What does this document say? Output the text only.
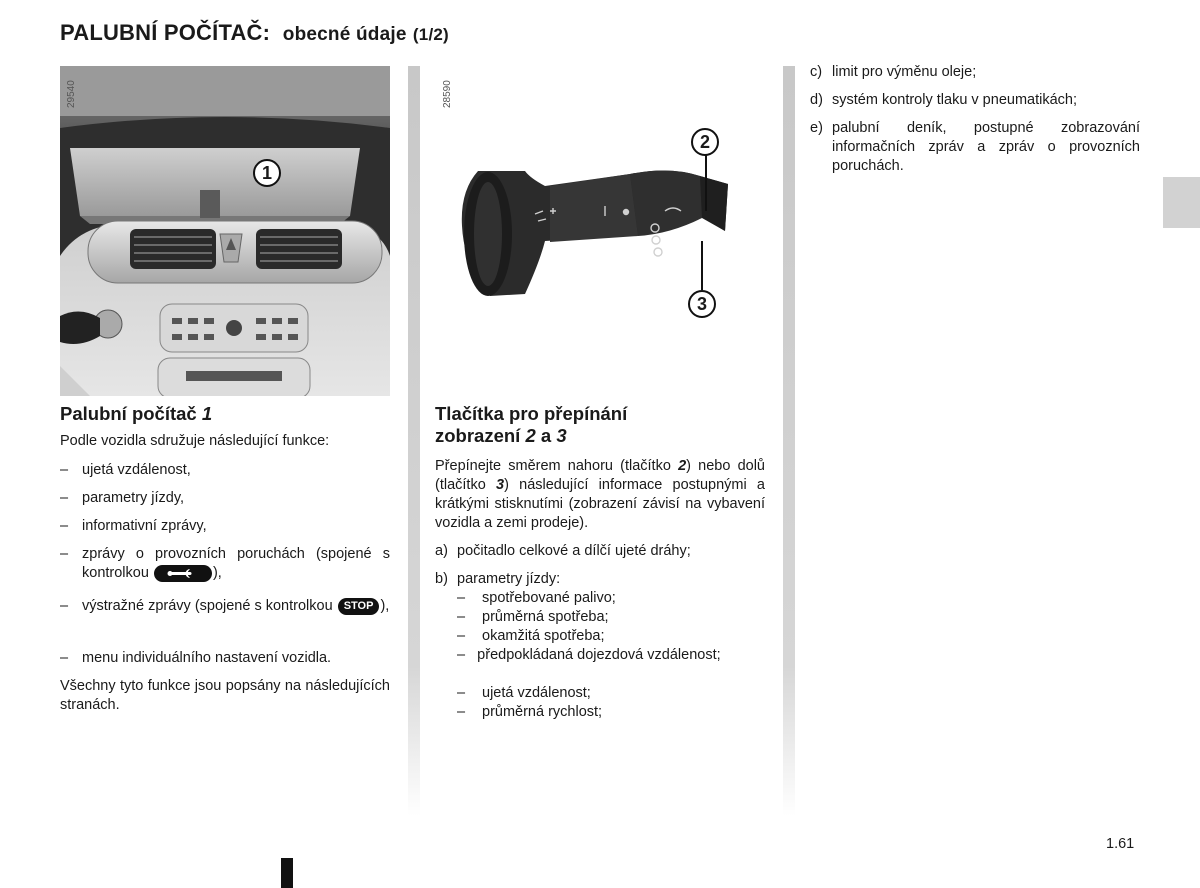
PALUBNÍ POČÍTAČ: obecné údaje (1/2)
1
29540
2
3
28590
Palubní počítač 1
Podle vozidla sdružuje následující funkce:
– ujetá vzdálenost,
– parametry jízdy,
– informativní zprávy,
– zprávy o provozních poruchách (spojené s kontrolkou	),
– výstražné zprávy (spojené s kontrolkou STOP ),
– menu individuálního nastavení vozidla.
Všechny tyto funkce jsou popsány na následujících stranách.
Tlačítka pro přepínání
zobrazení 2 a 3
Přepínejte směrem nahoru (tlačítko 2) nebo dolů (tlačítko 3) následující informace postupnými a krátkými stisknutími (zobrazení závisí na vybavení vozidla a zemi prodeje).
a) počitadlo celkové a dílčí ujeté dráhy;
b) parametry jízdy:
–	spotřebované palivo;
–	průměrná spotřeba;
–	okamžitá spotřeba;
– předpokládaná dojezdová vzdálenost;
–	ujetá vzdálenost;
–	průměrná rychlost;
c) limit pro výměnu oleje;
d) systém kontroly tlaku v pneumatikách;
e) palubní deník, postupné zobrazování informačních zpráv a zpráv o provozních poruchách.
1.61
